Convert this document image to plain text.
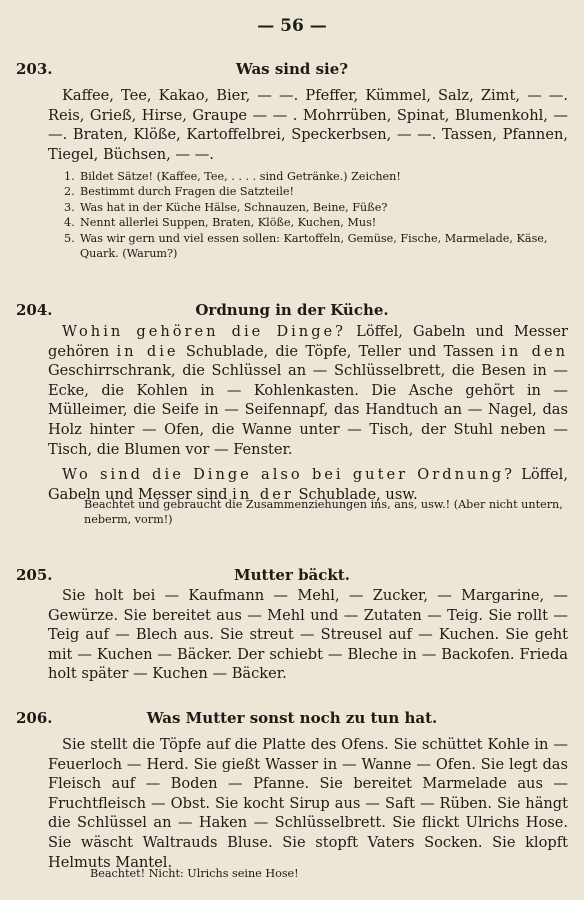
— 56 —
203.	Was sind sie?

Kaffee, Tee, Kakao, Bier, — —. Pfeffer, Kümmel, Salz, Zimt, — —. Reis, Grieß, Hirse, Graupe — — . Mohrrüben, Spinat, Blumenkohl, — —. Braten, Klöße, Kartoffelbrei, Speckerbsen, — —. Tassen, Pfannen, Tiegel, Büchsen, — —.

1. Bildet Sätze! (Kaffee, Tee, . . . . sind Getränke.) Zeichen!
2. Bestimmt durch Fragen die Satzteile!
3. Was hat in der Küche Hälse, Schnauzen, Beine, Füße?
4. Nennt allerlei Suppen, Braten, Klöße, Kuchen, Mus!
5. Was wir gern und viel essen sollen: Kartoffeln, Gemüse, Fische, Marmelade, Käse, Quark. (Warum?)
204.	Ordnung in der Küche.

Wohin gehören die Dinge? Löffel, Gabeln und Messer gehören in die Schublade, die Töpfe, Teller und Tassen in den Geschirrschrank, die Schlüssel an — Schlüsselbrett, die Besen in — Ecke, die Kohlen in — Kohlenkasten. Die Asche gehört in — Mülleimer, die Seife in — Seifennapf, das Handtuch an — Nagel, das Holz hinter — Ofen, die Wanne unter — Tisch, der Stuhl neben — Tisch, die Blumen vor — Fenster.

Wo sind die Dinge also bei guter Ordnung? Löffel, Gabeln und Messer sind in der Schublade, usw.

Beachtet und gebraucht die Zusammenziehungen ins, ans, usw.! (Aber nicht untern, neberm, vorm!)
205.	Mutter bäckt.

Sie holt bei — Kaufmann — Mehl, — Zucker, — Margarine, — Gewürze. Sie bereitet aus — Mehl und — Zutaten — Teig. Sie rollt — Teig auf — Blech aus. Sie streut — Streusel auf — Kuchen. Sie geht mit — Kuchen — Bäcker. Der schiebt — Bleche in — Backofen. Frieda holt später — Kuchen — Bäcker.

206.	Was Mutter sonst noch zu tun hat.

Sie stellt die Töpfe auf die Platte des Ofens. Sie schüttet Kohle in — Feuerloch — Herd. Sie gießt Wasser in — Wanne — Ofen. Sie legt das Fleisch auf — Boden — Pfanne. Sie bereitet Marmelade aus — Fruchtfleisch — Obst. Sie kocht Sirup aus — Saft — Rüben. Sie hängt die Schlüssel an — Haken — Schlüsselbrett. Sie flickt Ulrichs Hose. Sie wäscht Waltrauds Bluse. Sie stopft Vaters Socken. Sie klopft Helmuts Mantel.

Beachtet! Nicht: Ulrichs seine Hose!
